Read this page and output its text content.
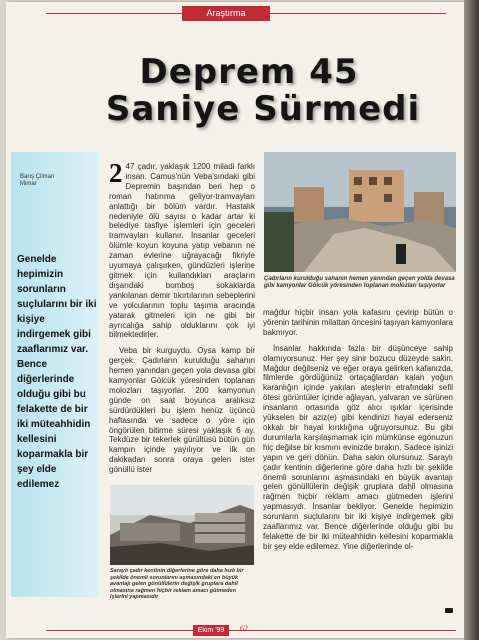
Araştırma
Deprem 45
Saniye Sürmedi
Barış Çilman
Mimar
Genelde hepimizin sorunların suçlularını bir iki kişiye indirgemek gibi zaaflarımız var. Bence diğerlerinde olduğu gibi bu felakette de bir iki müteahhidin kellesini koparmakla bir şey elde edilemez

2 47 çadır, yaklaşık 1200 miladi farklı insan. Camus'nün Veba'sındaki gibi Depremin başından beri hep o roman hatırıma geliyor-tramvayları anlattığı bir bölüm vardır. Hastalık nedeniyle ölü sayısı o kadar artar ki belediye tasfiye işlemleri için geceleri tramvayları kullanır. İnsanlar geceleri ölümle koyun koyuna yatıp vebanın ne zaman evlerine uğrayacağı fikriyle uyumaya çalışırken, gündüzleri işlerine gitmek için kullandıkları araçların dışarıdaki bomboş sokaklarda yankılanan demir tıkırtılarının sebeplerini ve yolcularının toplu taşıma aracında yatarak gitmeleri için ne gibi bir ayrıcalığa sahip olduklarını çok iyi bilmektedirler.

Veba bir kurguydu. Oysa kamp bir gerçek. Çadırların kurulduğu sahanın hemen yanından geçen yola devasa gibi kamyonlar Gölcük yöresinden toplanan molozları taşıyorlar. 200 kamyonun günde on saat boyunca aralıksız sürdürdükleri bu işlem henüz üçüncü haftasında ve sadece o yöre için öngörülen bitirme süresi yaklaşık 6 ay. Tekdüze bir tekerlek gürültüsü bütün gün kampın içinde yayılıyor ve ilk on dakikadan sonra oraya gelen ister gönüllü ister

mağdur hiçbir insan yola kafasını çevirip bütün o yörenin tarihinin milattan öncesini taşıyan kamyonlara bakmıyor.

İnsanlar hakkında fazla bir düşünceye sahip olamıyorsunuz. Her şey sinir bozucu düzeyde sakin. Mağdur değilseniz ve eğer oraya gelirken kafanızda, filmlerde gördüğünüz ortaçağlardan kalan yoğun karanlığın içinde yakılan ateşlerin etrafındaki sefil ötesi görüntüler içinde ağlayan, yalvaran ve sürünen insanların ortasında göz alıcı ışıklar içerisinde yükselen bir aziz(e) gibi kendinizi hayal ederseniz okkalı bir hayal kırıklığına uğruyorsunuz. Bu gibi durumlarla karşılaşmamak için mümkünse egonuzun hiç değilse bir kısmını evinizde bırakın. Sadece işinizi yapın ve geri dönün. Daha sakin olursunuz. Saraylı çadır kentinin diğerlerine göre daha hızlı bir şekilde önemli sorunlarını aşmasındaki en büyük avantajı gelen gönüllülerin değişik gruplara dahil olmasına rağmen hiçbir reklam amacı gütmeden işlerini yapmasıydı. İnsanlar bekliyor. Genelde hepimizin sorunların suçlularını bir iki kişiye indirgemek gibi zaaflarımız var. Bence diğerlerinde olduğu gibi bu felakette de bir iki müteahhidin kellesini koparmakla bir şey elde edilemez. Yine diğerlerinde ol-

Çadırların kurulduğu sahanın hemen yanından geçen yolda devasa gibi kamyonlar Gölcük yöresinden toplanan molozları taşıyorlar
Saraylı çadır kentinin diğerlerine göre daha hızlı bir şekilde önemli sorunlarını aşmasındaki en büyük avantajı gelen gönüllülerin değişik gruplara dahil olmasına rağmen hiçbir reklam amacı gütmeden işlerini yapmasıdır
Ekim '99	62
